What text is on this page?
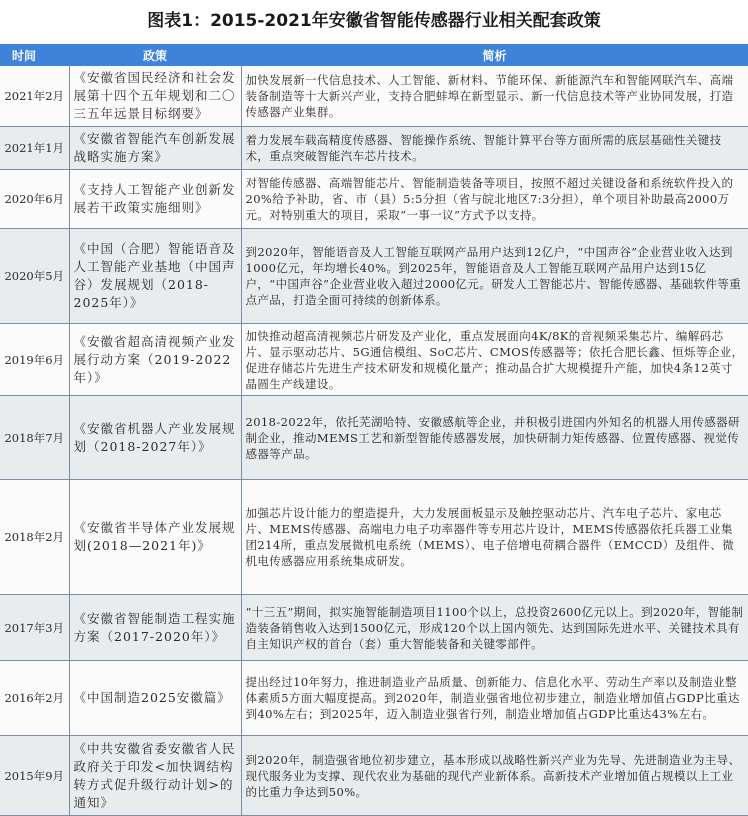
图表1：2015-2021年安徽省智能传感器行业相关配套政策
时间	政策	简析
2021年2月	《安徽省国民经济和社会发展第十四个五年规划和二〇三五年远景目标纲要》	加快发展新一代信息技术、人工智能、新材料、节能环保、新能源汽车和智能网联汽车、高端装备制造等十大新兴产业，支持合肥蚌埠在新型显示、新一代信息技术等产业协同发展，打造传感器产业集群。
2021年1月	《安徽省智能汽车创新发展战略实施方案》	着力发展车载高精度传感器、智能操作系统、智能计算平台等方面所需的底层基础性关键技术，重点突破智能汽车芯片技术。
2020年6月	《支持人工智能产业创新发展若干政策实施细则》	对智能传感器、高端智能芯片、智能制造装备等项目，按照不超过关键设备和系统软件投入的20%给予补助，省、市（县）5:5分担（省与皖北地区7:3分担），单个项目补助最高2000万元。对特别重大的项目，采取“一事一议”方式予以支持。
2020年5月	《中国（合肥）智能语音及人工智能产业基地（中国声谷）发展规划（2018-2025年）》	到2020年，智能语音及人工智能互联网产品用户达到12亿户，“中国声谷”企业营业收入达到1000亿元，年均增长40%。到2025年，智能语音及人工智能互联网产品用户达到15亿户，“中国声谷”企业营业收入超过2000亿元。研发人工智能芯片、智能传感器、基础软件等重点产品，打造全面可持续的创新体系。
2019年6月	《安徽省超高清视频产业发展行动方案（2019-2022年）》	加快推动超高清视频芯片研发及产业化，重点发展面向4K/8K的音视频采集芯片、编解码芯片、显示驱动芯片、5G通信模组、SoC芯片、CMOS传感器等；依托合肥长鑫、恒烁等企业，促进存储芯片先进生产技术研发和规模化量产；推动晶合扩大规模提升产能，加快4条12英寸晶圆生产线建设。
2018年7月	《安徽省机器人产业发展规划（2018-2027年）》	2018-2022年，依托芜湖哈特、安徽感航等企业，并积极引进国内外知名的机器人用传感器研制企业，推动MEMS工艺和新型智能传感器发展，加快研制力矩传感器、位置传感器、视觉传感器等产品。
2018年2月	《安徽省半导体产业发展规划(2018—2021年)》	加强芯片设计能力的塑造提升，大力发展面板显示及触控驱动芯片、汽车电子芯片、家电芯片、MEMS传感器、高端电力电子功率器件等专用芯片设计，MEMS传感器依托兵器工业集团214所，重点发展微机电系统（MEMS）、电子倍增电荷耦合器件（EMCCD）及组件、微机电传感器应用系统集成研发。
2017年3月	《安徽省智能制造工程实施方案（2017-2020年）》	“十三五”期间，拟实施智能制造项目1100个以上，总投资2600亿元以上。到2020年，智能制造装备销售收入达到1500亿元，形成120个以上国内领先、达到国际先进水平、关键技术具有自主知识产权的首台（套）重大智能装备和关键零部件。
2016年2月	《中国制造2025安徽篇》	提出经过10年努力，推进制造业产品质量、创新能力、信息化水平、劳动生产率以及制造业整体素质5方面大幅度提高。到2020年，制造业强省地位初步建立，制造业增加值占GDP比重达到40%左右；到2025年，迈入制造业强省行列，制造业增加值占GDP比重达43%左右。
2015年9月	《中共安徽省委安徽省人民政府关于印发<加快调结构转方式促升级行动计划>的通知》	到2020年，制造强省地位初步建立，基本形成以战略性新兴产业为先导、先进制造业为主导、现代服务业为支撑、现代农业为基础的现代产业新体系。高新技术产业增加值占规模以上工业的比重力争达到50%。
